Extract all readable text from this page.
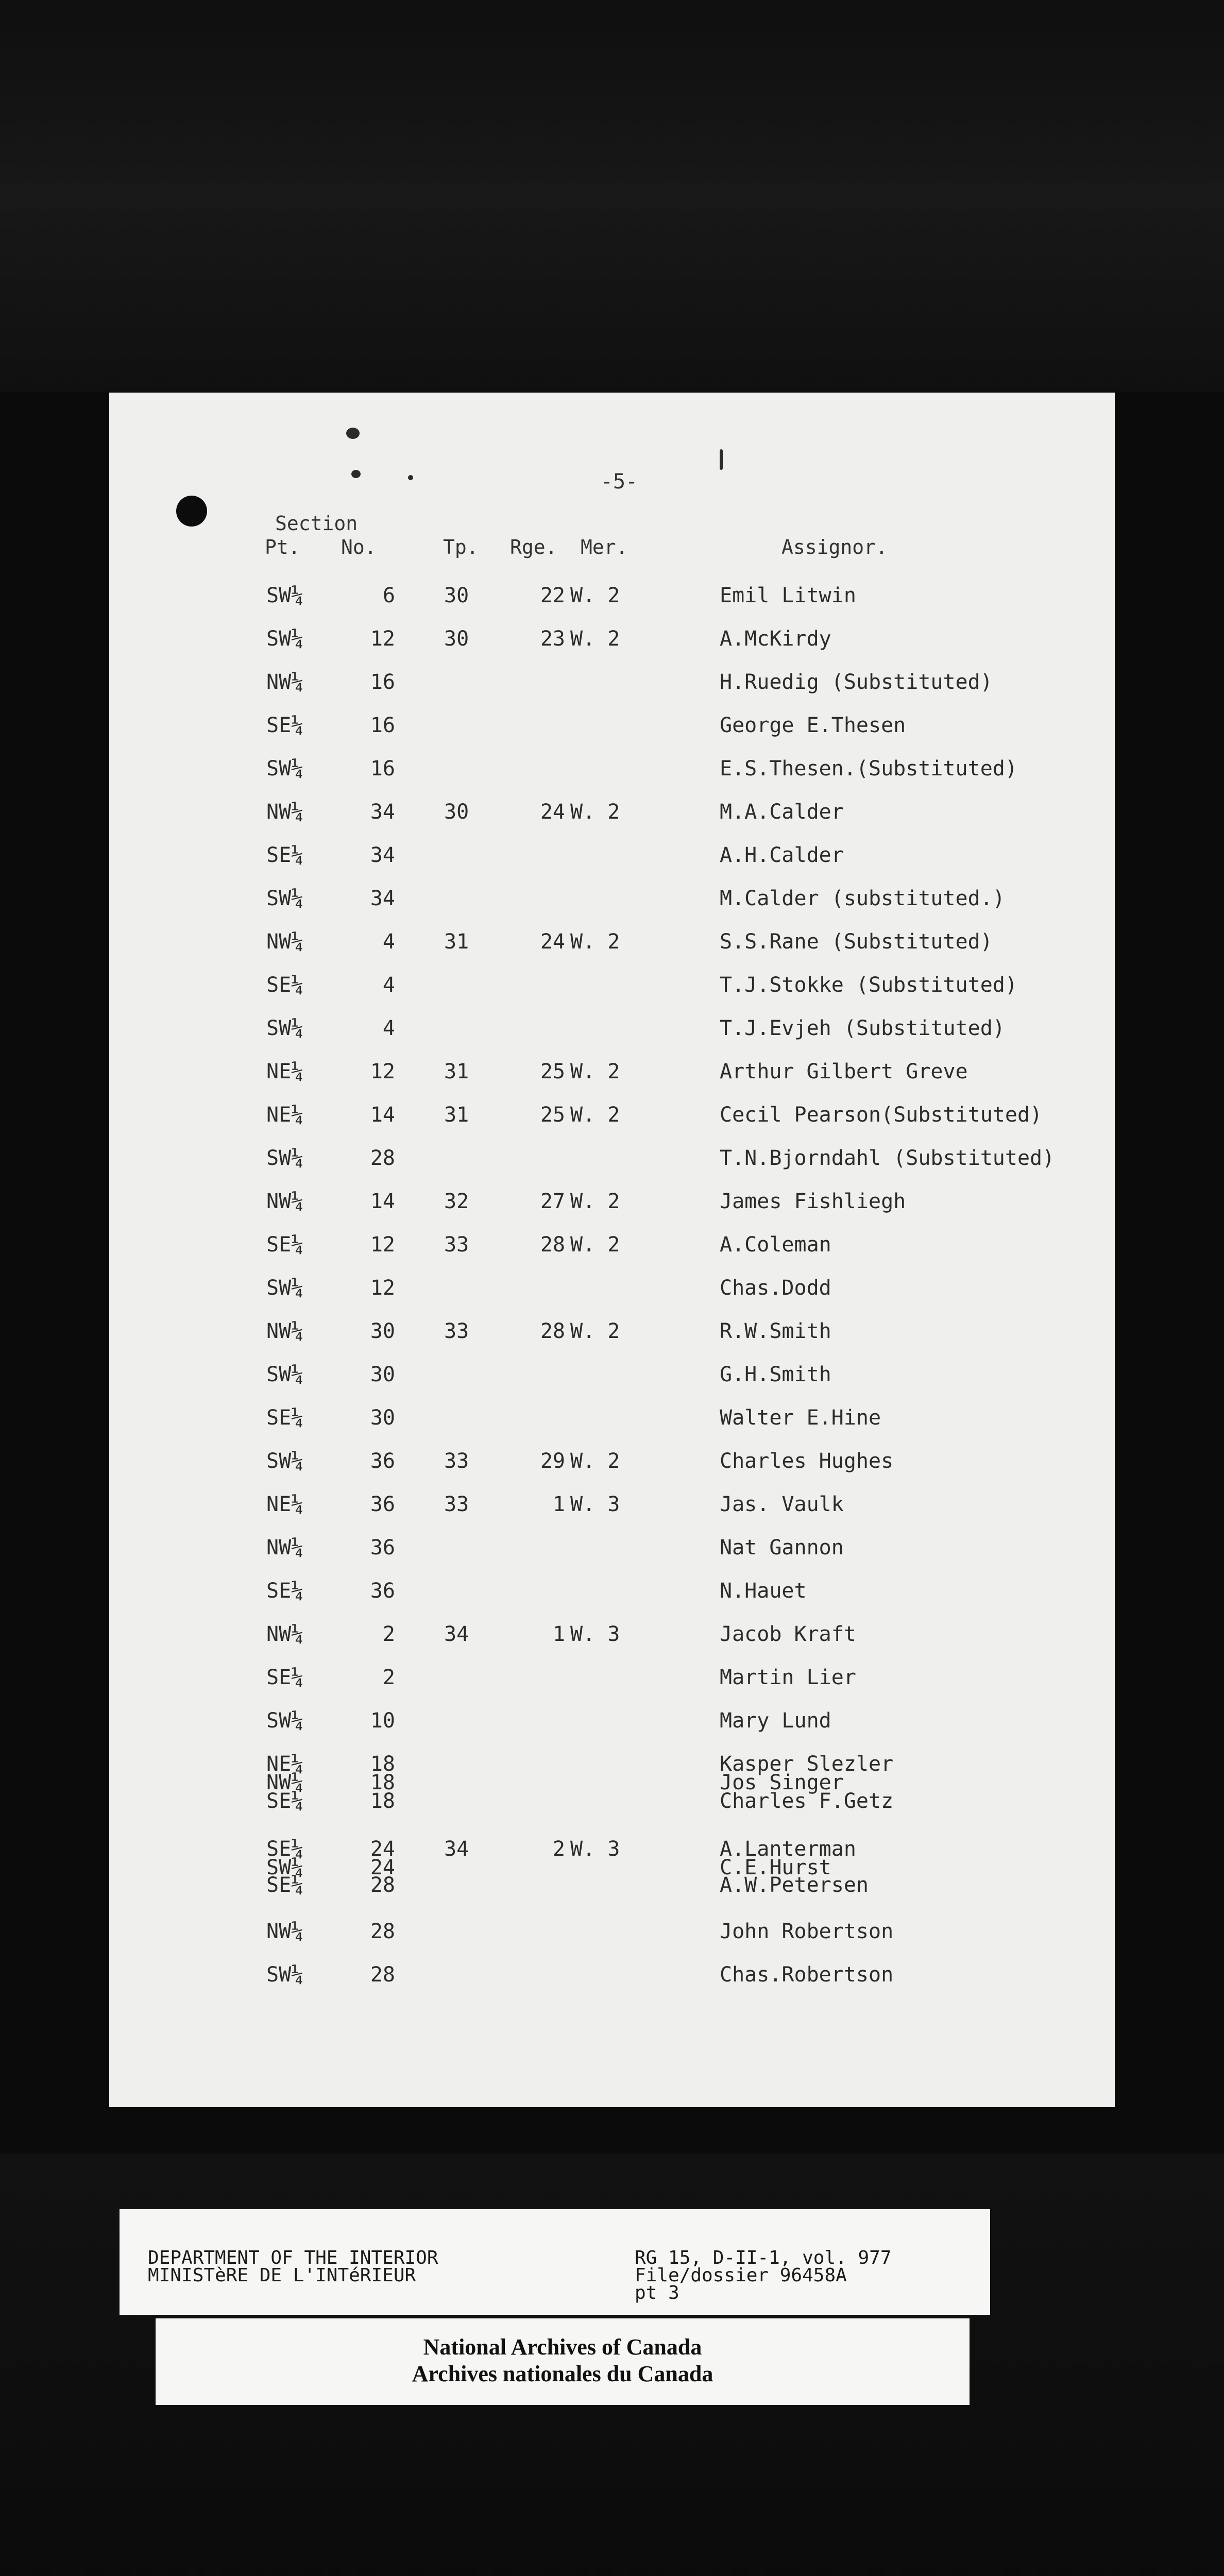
-5-
Section
Pt. No.	Tp. Rge. Mer.	Assignor.
SW¼	6 30	22 W. 2	Emil Litwin
SW¼	12 30	23 W. 2	A.McKirdy
NW¼	16	H.Ruedig (Substituted)
SE¼	16	George E.Thesen
SW¼	16	E.S.Thesen.(Substituted)
NW¼	34 30	24 W. 2	M.A.Calder
SE¼	34	A.H.Calder
SW¼	34	M.Calder (substituted.)
NW¼	4 31	24 W. 2	S.S.Rane (Substituted)
SE¼	4	T.J.Stokke (Substituted)
SW¼	4	T.J.Evjeh (Substituted)
NE¼	12 31	25 W. 2	Arthur Gilbert Greve
NE¼	14 31	25 W. 2	Cecil Pearson(Substituted)
SW¼	28	T.N.Bjorndahl (Substituted)
NW¼	14 32	27 W. 2	James Fishliegh
SE¼	12 33	28 W. 2	A.Coleman
SW¼	12	Chas.Dodd
NW¼	30 33	28 W. 2	R.W.Smith
SW¼	30	G.H.Smith
SE¼	30	Walter E.Hine
SW¼	36 33	29 W. 2	Charles Hughes
NE¼	36 33	1 W. 3	Jas. Vaulk
NW¼	36	Nat Gannon
SE¼	36	N.Hauet
NW¼	2 34	1 W. 3	Jacob Kraft
SE¼	2	Martin Lier
SW¼	10	Mary Lund
NE¼	18	Kasper Slezler
NW¼	18	Jos Singer
SE¼	18	Charles F.Getz
SE¼	24 34	2 W. 3	A.Lanterman
SW¼	24	C.E.Hurst
SE¼	28	A.W.Petersen
NW¼	28	John Robertson
SW¼	28	Chas.Robertson
DEPARTMENT OF THE INTERIOR
MINISTèRE DE L'INTéRIEUR
RG 15, D-II-1, vol. 977
File/dossier 96458A
pt 3
National Archives of Canada
Archives nationales du Canada
